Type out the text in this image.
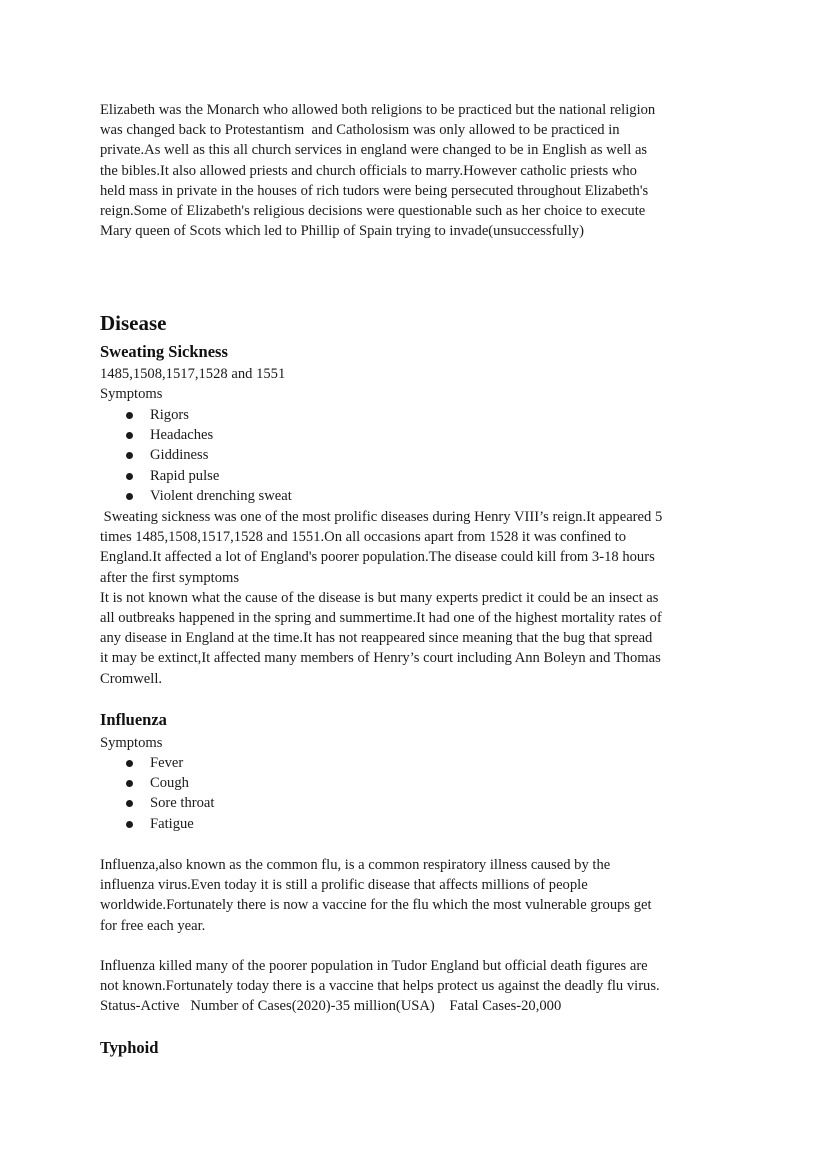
Elizabeth was the Monarch who allowed both religions to be practiced but the national religion
was changed back to Protestantism  and Catholosism was only allowed to be practiced in
private.As well as this all church services in england were changed to be in English as well as
the bibles.It also allowed priests and church officials to marry.However catholic priests who
held mass in private in the houses of rich tudors were being persecuted throughout Elizabeth's
reign.Some of Elizabeth's religious decisions were questionable such as her choice to execute
Mary queen of Scots which led to Phillip of Spain trying to invade(unsuccessfully)
Disease
Sweating Sickness
1485,1508,1517,1528 and 1551
Symptoms
Rigors
Headaches
Giddiness
Rapid pulse
Violent drenching sweat
Sweating sickness was one of the most prolific diseases during Henry VIII’s reign.It appeared 5
times 1485,1508,1517,1528 and 1551.On all occasions apart from 1528 it was confined to
England.It affected a lot of England's poorer population.The disease could kill from 3-18 hours
after the first symptoms
It is not known what the cause of the disease is but many experts predict it could be an insect as
all outbreaks happened in the spring and summertime.It had one of the highest mortality rates of
any disease in England at the time.It has not reappeared since meaning that the bug that spread
it may be extinct,It affected many members of Henry’s court including Ann Boleyn and Thomas
Cromwell.
Influenza
Symptoms
Fever
Cough
Sore throat
Fatigue
Influenza,also known as the common flu, is a common respiratory illness caused by the
influenza virus.Even today it is still a prolific disease that affects millions of people
worldwide.Fortunately there is now a vaccine for the flu which the most vulnerable groups get
for free each year.
Influenza killed many of the poorer population in Tudor England but official death figures are
not known.Fortunately today there is a vaccine that helps protect us against the deadly flu virus.
Status-Active   Number of Cases(2020)-35 million(USA)    Fatal Cases-20,000
Typhoid
